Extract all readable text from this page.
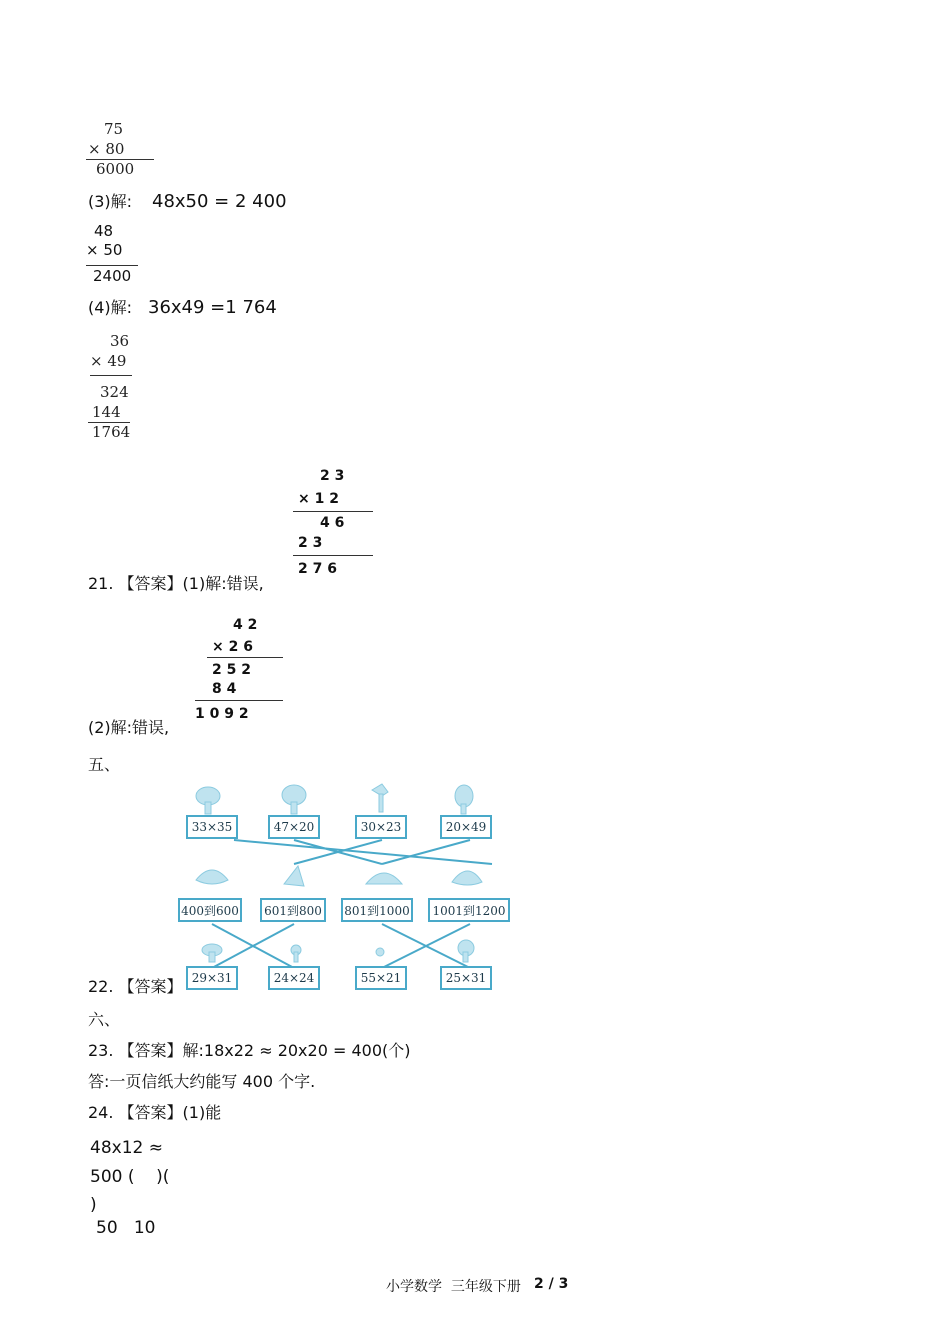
75
× 80
6000
(3)解: 48ⅹ50 = 2 400
48
× 50
2400
(4)解: 36ⅹ49 =1 764
36
× 49
324
144
1764
2 3
× 1 2
4 6
2 3
2 7 6
21. 【答案】(1)解:错误,
4 2
× 2 6
2 5 2
8 4
1 0 9 2
(2)解:错误,
五、
33×35	47×20	30×23	20×49
400到600	601到800	801到1000	1001到1200
29×31	24×24	55×21	25×31
22. 【答案】
六、
23. 【答案】解:18ⅹ22 ≈ 20ⅹ20 = 400(个)
答:一页信纸大约能写 400 个字.
24. 【答案】(1)能
48ⅹ12 ≈
500 (    )(
)
50   10
小学数学  三年级下册 2 / 3
